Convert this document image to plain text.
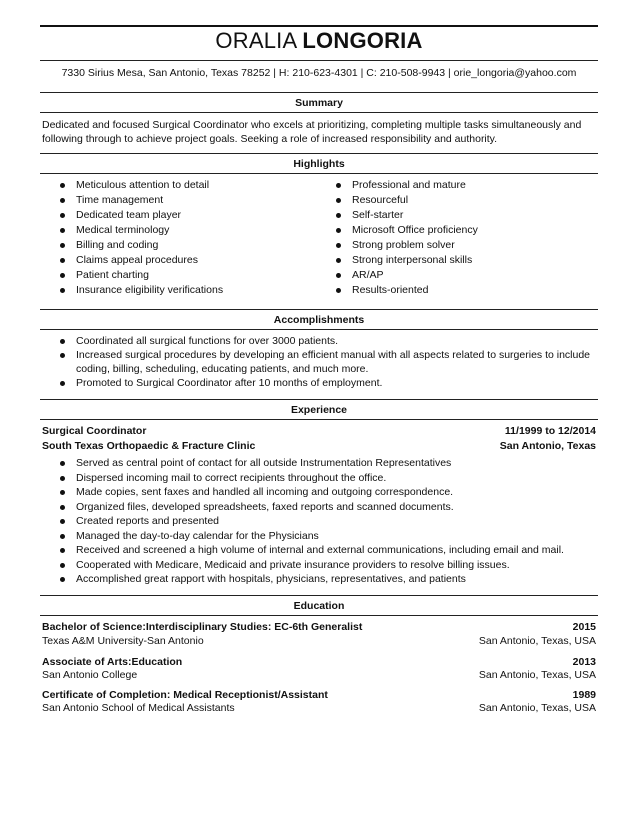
ORALIA LONGORIA
7330 Sirius Mesa, San Antonio, Texas 78252 | H: 210-623-4301 | C: 210-508-9943 | orie_longoria@yahoo.com
Summary
Dedicated and focused Surgical Coordinator who excels at prioritizing, completing multiple tasks simultaneously and
following through to achieve project goals. Seeking a role of increased responsibility and authority.
Highlights
Meticulous attention to detail
Time management
Dedicated team player
Medical terminology
Billing and coding
Claims appeal procedures
Patient charting
Insurance eligibility verifications
Professional and mature
Resourceful
Self-starter
Microsoft Office proficiency
Strong problem solver
Strong interpersonal skills
AR/AP
Results-oriented
Accomplishments
Coordinated all surgical functions for over 3000 patients.
Increased surgical procedures by developing an efficient manual with all aspects related to surgeries to include
coding, billing, scheduling, educating patients, and much more.
Promoted to Surgical Coordinator after 10 months of employment.
Experience
Surgical Coordinator	11/1999 to 12/2014
South Texas Orthopaedic & Fracture Clinic	San Antonio, Texas
Served as central point of contact for all outside Instrumentation Representatives
Dispersed incoming mail to correct recipients throughout the office.
Made copies, sent faxes and handled all incoming and outgoing correspondence.
Organized files, developed spreadsheets, faxed reports and scanned documents.
Created reports and presented
Managed the day-to-day calendar for the Physicians
Received and screened a high volume of internal and external communications, including email and mail.
Cooperated with Medicare, Medicaid and private insurance providers to resolve billing issues.
Accomplished great rapport with hospitals, physicians, representatives, and patients
Education
Bachelor of Science:Interdisciplinary Studies: EC-6th Generalist	2015
Texas A&M University-San Antonio	San Antonio, Texas, USA
Associate of Arts:Education	2013
San Antonio College	San Antonio, Texas, USA
Certificate of Completion: Medical Receptionist/Assistant	1989
San Antonio School of Medical Assistants	San Antonio, Texas, USA
